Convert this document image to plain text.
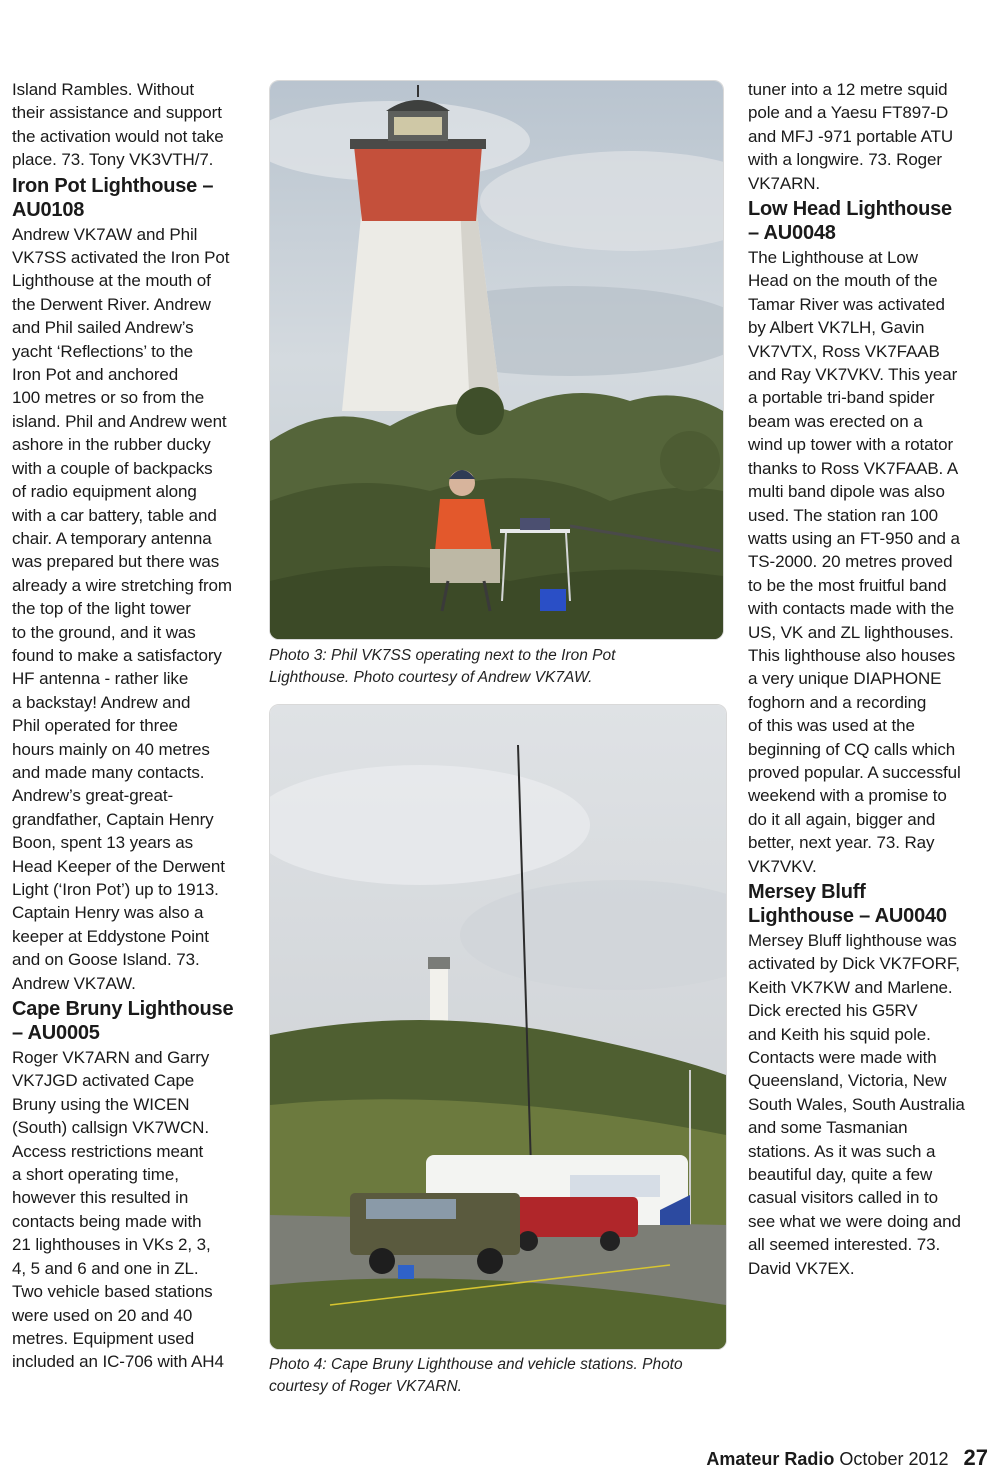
Island Rambles. Without
their assistance and support
the activation would not take
place. 73. Tony VK3VTH/7.

Iron Pot Lighthouse –
AU0108

Andrew VK7AW and Phil
VK7SS activated the Iron Pot
Lighthouse at the mouth of
the Derwent River. Andrew
and Phil sailed Andrew’s
yacht ‘Reflections’ to the
Iron Pot and anchored
100 metres or so from the
island. Phil and Andrew went
ashore in the rubber ducky
with a couple of backpacks
of radio equipment along
with a car battery, table and
chair. A temporary antenna
was prepared but there was
already a wire stretching from
the top of the light tower
to the ground, and it was
found to make a satisfactory
HF antenna - rather like
a backstay! Andrew and
Phil operated for three
hours mainly on 40 metres
and made many contacts.
Andrew’s great-great-
grandfather, Captain Henry
Boon, spent 13 years as
Head Keeper of the Derwent
Light (‘Iron Pot’) up to 1913.
Captain Henry was also a
keeper at Eddystone Point
and on Goose Island. 73.
Andrew VK7AW.

Cape Bruny Lighthouse
– AU0005

Roger VK7ARN and Garry
VK7JGD activated Cape
Bruny using the WICEN
(South) callsign VK7WCN.
Access restrictions meant
a short operating time,
however this resulted in
contacts being made with
21 lighthouses in VKs 2, 3,
4, 5 and 6 and one in ZL.
Two vehicle based stations
were used on 20 and 40
metres. Equipment used
included an IC-706 with AH4

Photo 3: Phil VK7SS operating next to the Iron Pot
Lighthouse. Photo courtesy of Andrew VK7AW.
Photo 4: Cape Bruny Lighthouse and vehicle stations. Photo
courtesy of Roger VK7ARN.

tuner into a 12 metre squid
pole and a Yaesu FT897-D
and MFJ -971 portable ATU
with a longwire. 73. Roger
VK7ARN.

Low Head Lighthouse
– AU0048

The Lighthouse at Low
Head on the mouth of the
Tamar River was activated
by Albert VK7LH, Gavin
VK7VTX, Ross VK7FAAB
and Ray VK7VKV. This year
a portable tri-band spider
beam was erected on a
wind up tower with a rotator
thanks to Ross VK7FAAB. A
multi band dipole was also
used. The station ran 100
watts using an FT-950 and a
TS-2000. 20 metres proved
to be the most fruitful band
with contacts made with the
US, VK and ZL lighthouses.
This lighthouse also houses
a very unique DIAPHONE
foghorn and a recording
of this was used at the
beginning of CQ calls which
proved popular. A successful
weekend with a promise to
do it all again, bigger and
better, next year. 73. Ray
VK7VKV.

Mersey Bluff
Lighthouse – AU0040

Mersey Bluff lighthouse was
activated by Dick VK7FORF,
Keith VK7KW and Marlene.
Dick erected his G5RV
and Keith his squid pole.
Contacts were made with
Queensland, Victoria, New
South Wales, South Australia
and some Tasmanian
stations. As it was such a
beautiful day, quite a few
casual visitors called in to
see what we were doing and
all seemed interested. 73.
David VK7EX.

Amateur Radio October 2012 27
